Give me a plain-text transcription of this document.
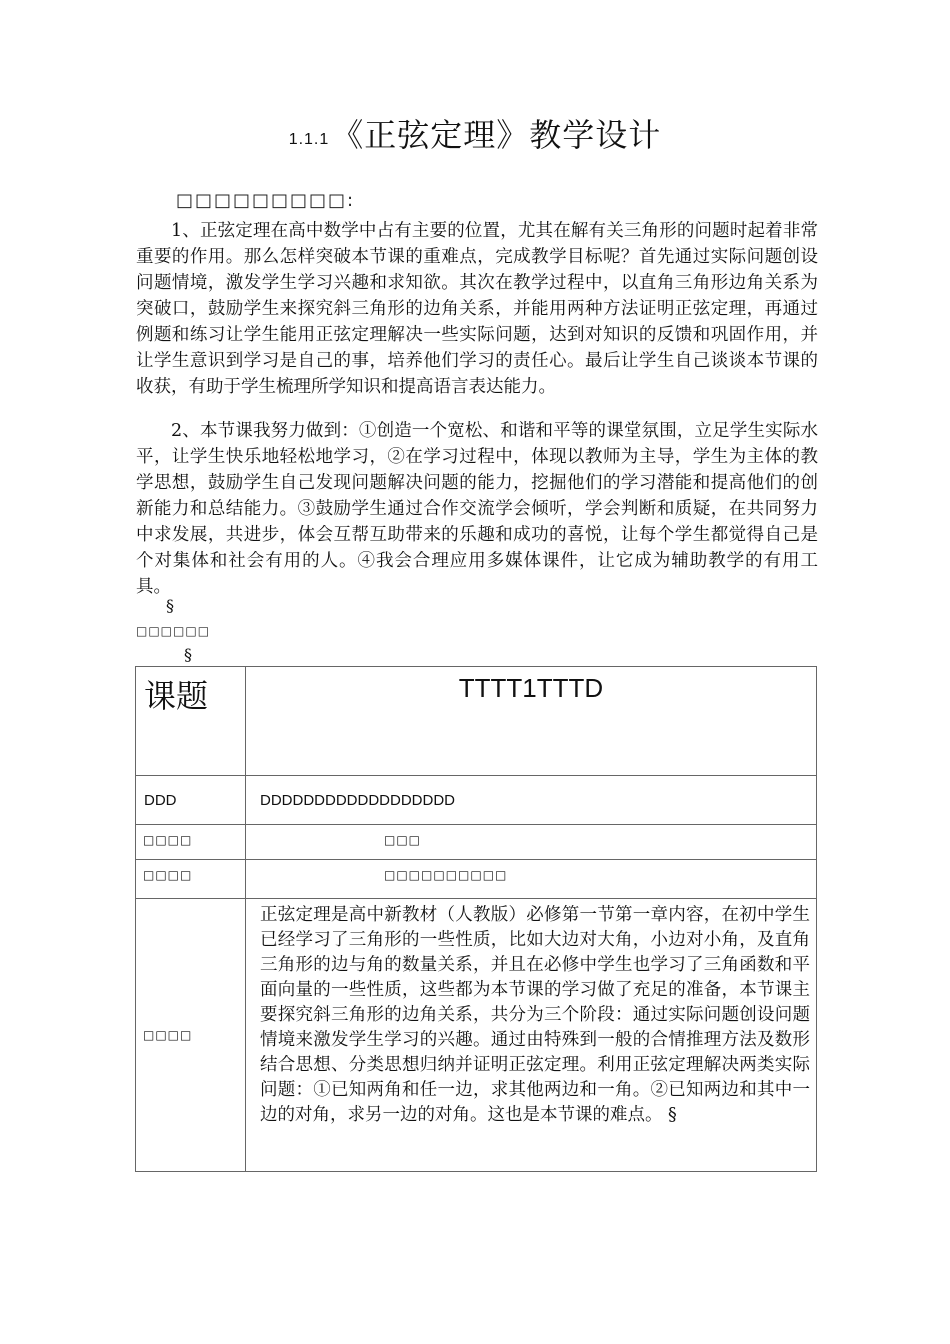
1.1.1《正弦定理》教学设计
□□□□□□□□□:
1、正弦定理在高中数学中占有主要的位置，尤其在解有关三角形的问题时起着非常重要的作用。那么怎样突破本节课的重难点，完成教学目标呢？首先通过实际问题创设问题情境，激发学生学习兴趣和求知欲。其次在教学过程中，以直角三角形边角关系为突破口，鼓励学生来探究斜三角形的边角关系，并能用两种方法证明正弦定理，再通过例题和练习让学生能用正弦定理解决一些实际问题，达到对知识的反馈和巩固作用，并让学生意识到学习是自己的事，培养他们学习的责任心。最后让学生自己谈谈本节课的收获，有助于学生梳理所学知识和提高语言表达能力。
2、本节课我努力做到：①创造一个宽松、和谐和平等的课堂氛围，立足学生实际水平，让学生快乐地轻松地学习，②在学习过程中，体现以教师为主导，学生为主体的教学思想，鼓励学生自己发现问题解决问题的能力，挖掘他们的学习潜能和提高他们的创新能力和总结能力。③鼓励学生通过合作交流学会倾听，学会判断和质疑，在共同努力中求发展，共进步，体会互帮互助带来的乐趣和成功的喜悦，让每个学生都觉得自己是个对集体和社会有用的人。④我会合理应用多媒体课件，让它成为辅助教学的有用工具。
§
□□□□□□
§
课题	TTTT1TTTD

DDD	DDDDDDDDDDDDDDDDDD

□□□□	□□□

□□□□	□□□□□□□□□□

□□□□	正弦定理是高中新教材（人教版）必修第一节第一章内容，在初中学生已经学习了三角形的一些性质，比如大边对大角，小边对小角，及直角三角形的边与角的数量关系，并且在必修中学生也学习了三角函数和平面向量的一些性质，这些都为本节课的学习做了充足的准备，本节课主要探究斜三角形的边角关系，共分为三个阶段：通过实际问题创设问题情境来激发学生学习的兴趣。通过由特殊到一般的合情推理方法及数形结合思想、分类思想归纳并证明正弦定理。利用正弦定理解决两类实际问题：①已知两角和任一边，求其他两边和一角。②已知两边和其中一边的对角，求另一边的对角。这也是本节课的难点。 §
